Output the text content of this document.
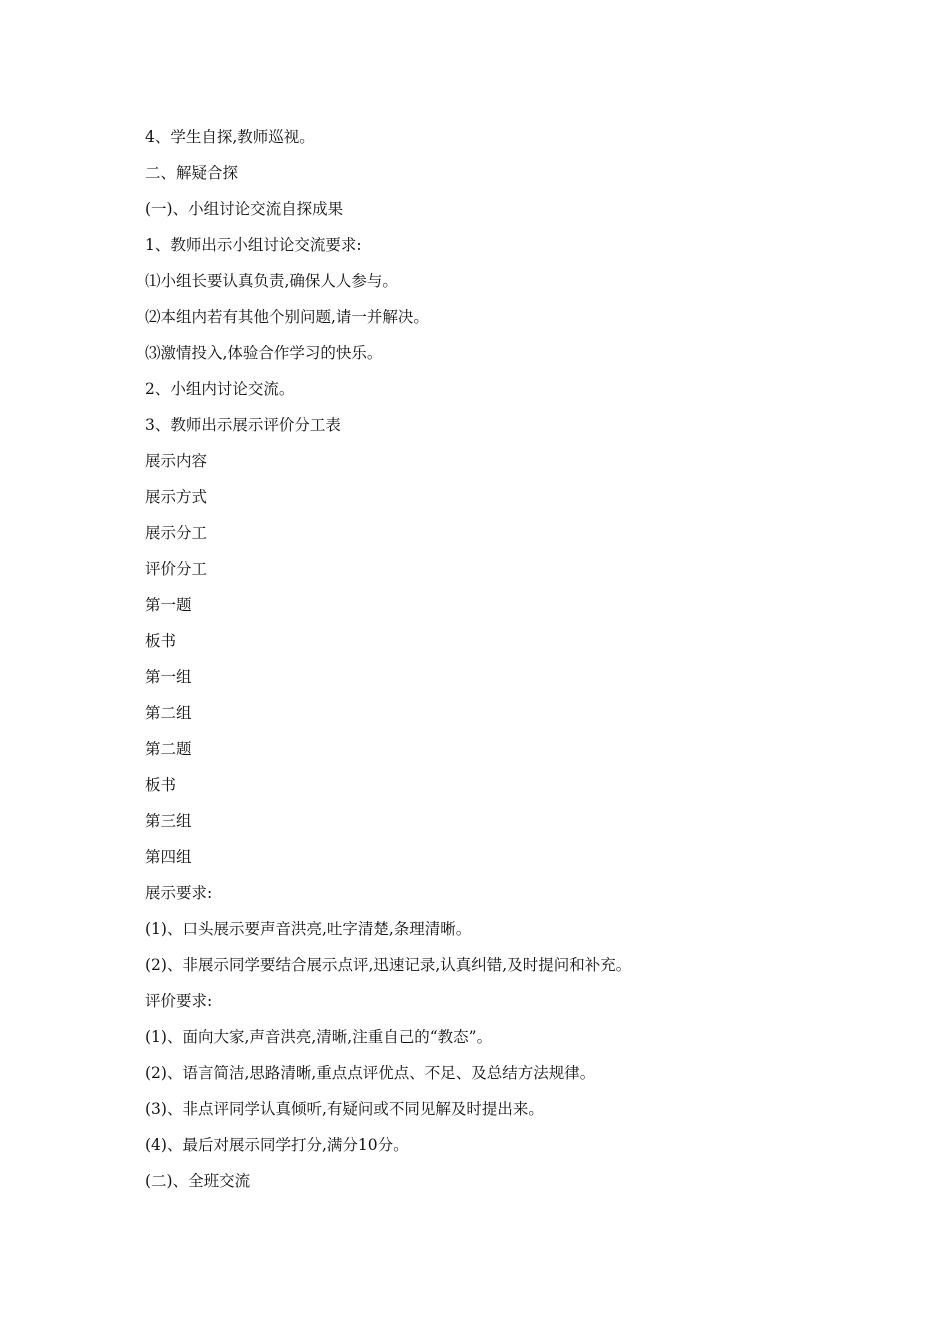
4、学生自探,教师巡视。
二、解疑合探
(一)、小组讨论交流自探成果
1、教师出示小组讨论交流要求:
⑴小组长要认真负责,确保人人参与。
⑵本组内若有其他个别问题,请一并解决。
⑶激情投入,体验合作学习的快乐。
2、小组内讨论交流。
3、教师出示展示评价分工表
展示内容
展示方式
展示分工
评价分工
第一题
板书
第一组
第二组
第二题
板书
第三组
第四组
展示要求:
(1)、口头展示要声音洪亮,吐字清楚,条理清晰。
(2)、非展示同学要结合展示点评,迅速记录,认真纠错,及时提问和补充。
评价要求:
(1)、面向大家,声音洪亮,清晰,注重自己的“教态”。
(2)、语言简洁,思路清晰,重点点评优点、不足、及总结方法规律。
(3)、非点评同学认真倾听,有疑问或不同见解及时提出来。
(4)、最后对展示同学打分,满分10分。
(二)、全班交流
